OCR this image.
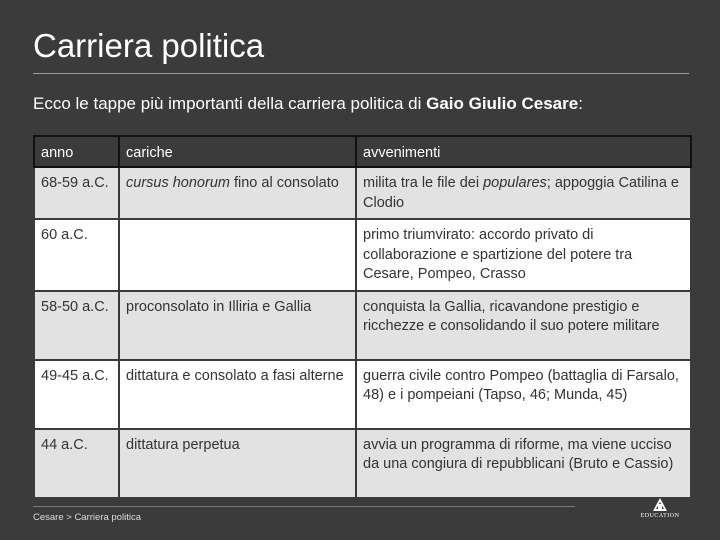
Carriera politica
Ecco le tappe più importanti della carriera politica di Gaio Giulio Cesare:
anno	cariche	avvenimenti
68-59 a.C.	cursus honorum fino al consolato	milita tra le file dei populares; appoggia Catilina e Clodio
60 a.C.		primo triumvirato: accordo privato di collaborazione e spartizione del potere tra Cesare, Pompeo, Crasso
58-50 a.C.	proconsolato in Illiria e Gallia	conquista la Gallia, ricavandone prestigio e ricchezze e consolidando il suo potere militare
49-45 a.C.	dittatura e consolato a fasi alterne	guerra civile contro Pompeo (battaglia di Farsalo, 48) e i pompeiani (Tapso, 46; Munda, 45)
44 a.C.	dittatura perpetua	avvia un programma di riforme, ma viene ucciso da una congiura di repubblicani (Bruto e Cassio)
Cesare > Carriera politica	EDUCATION
